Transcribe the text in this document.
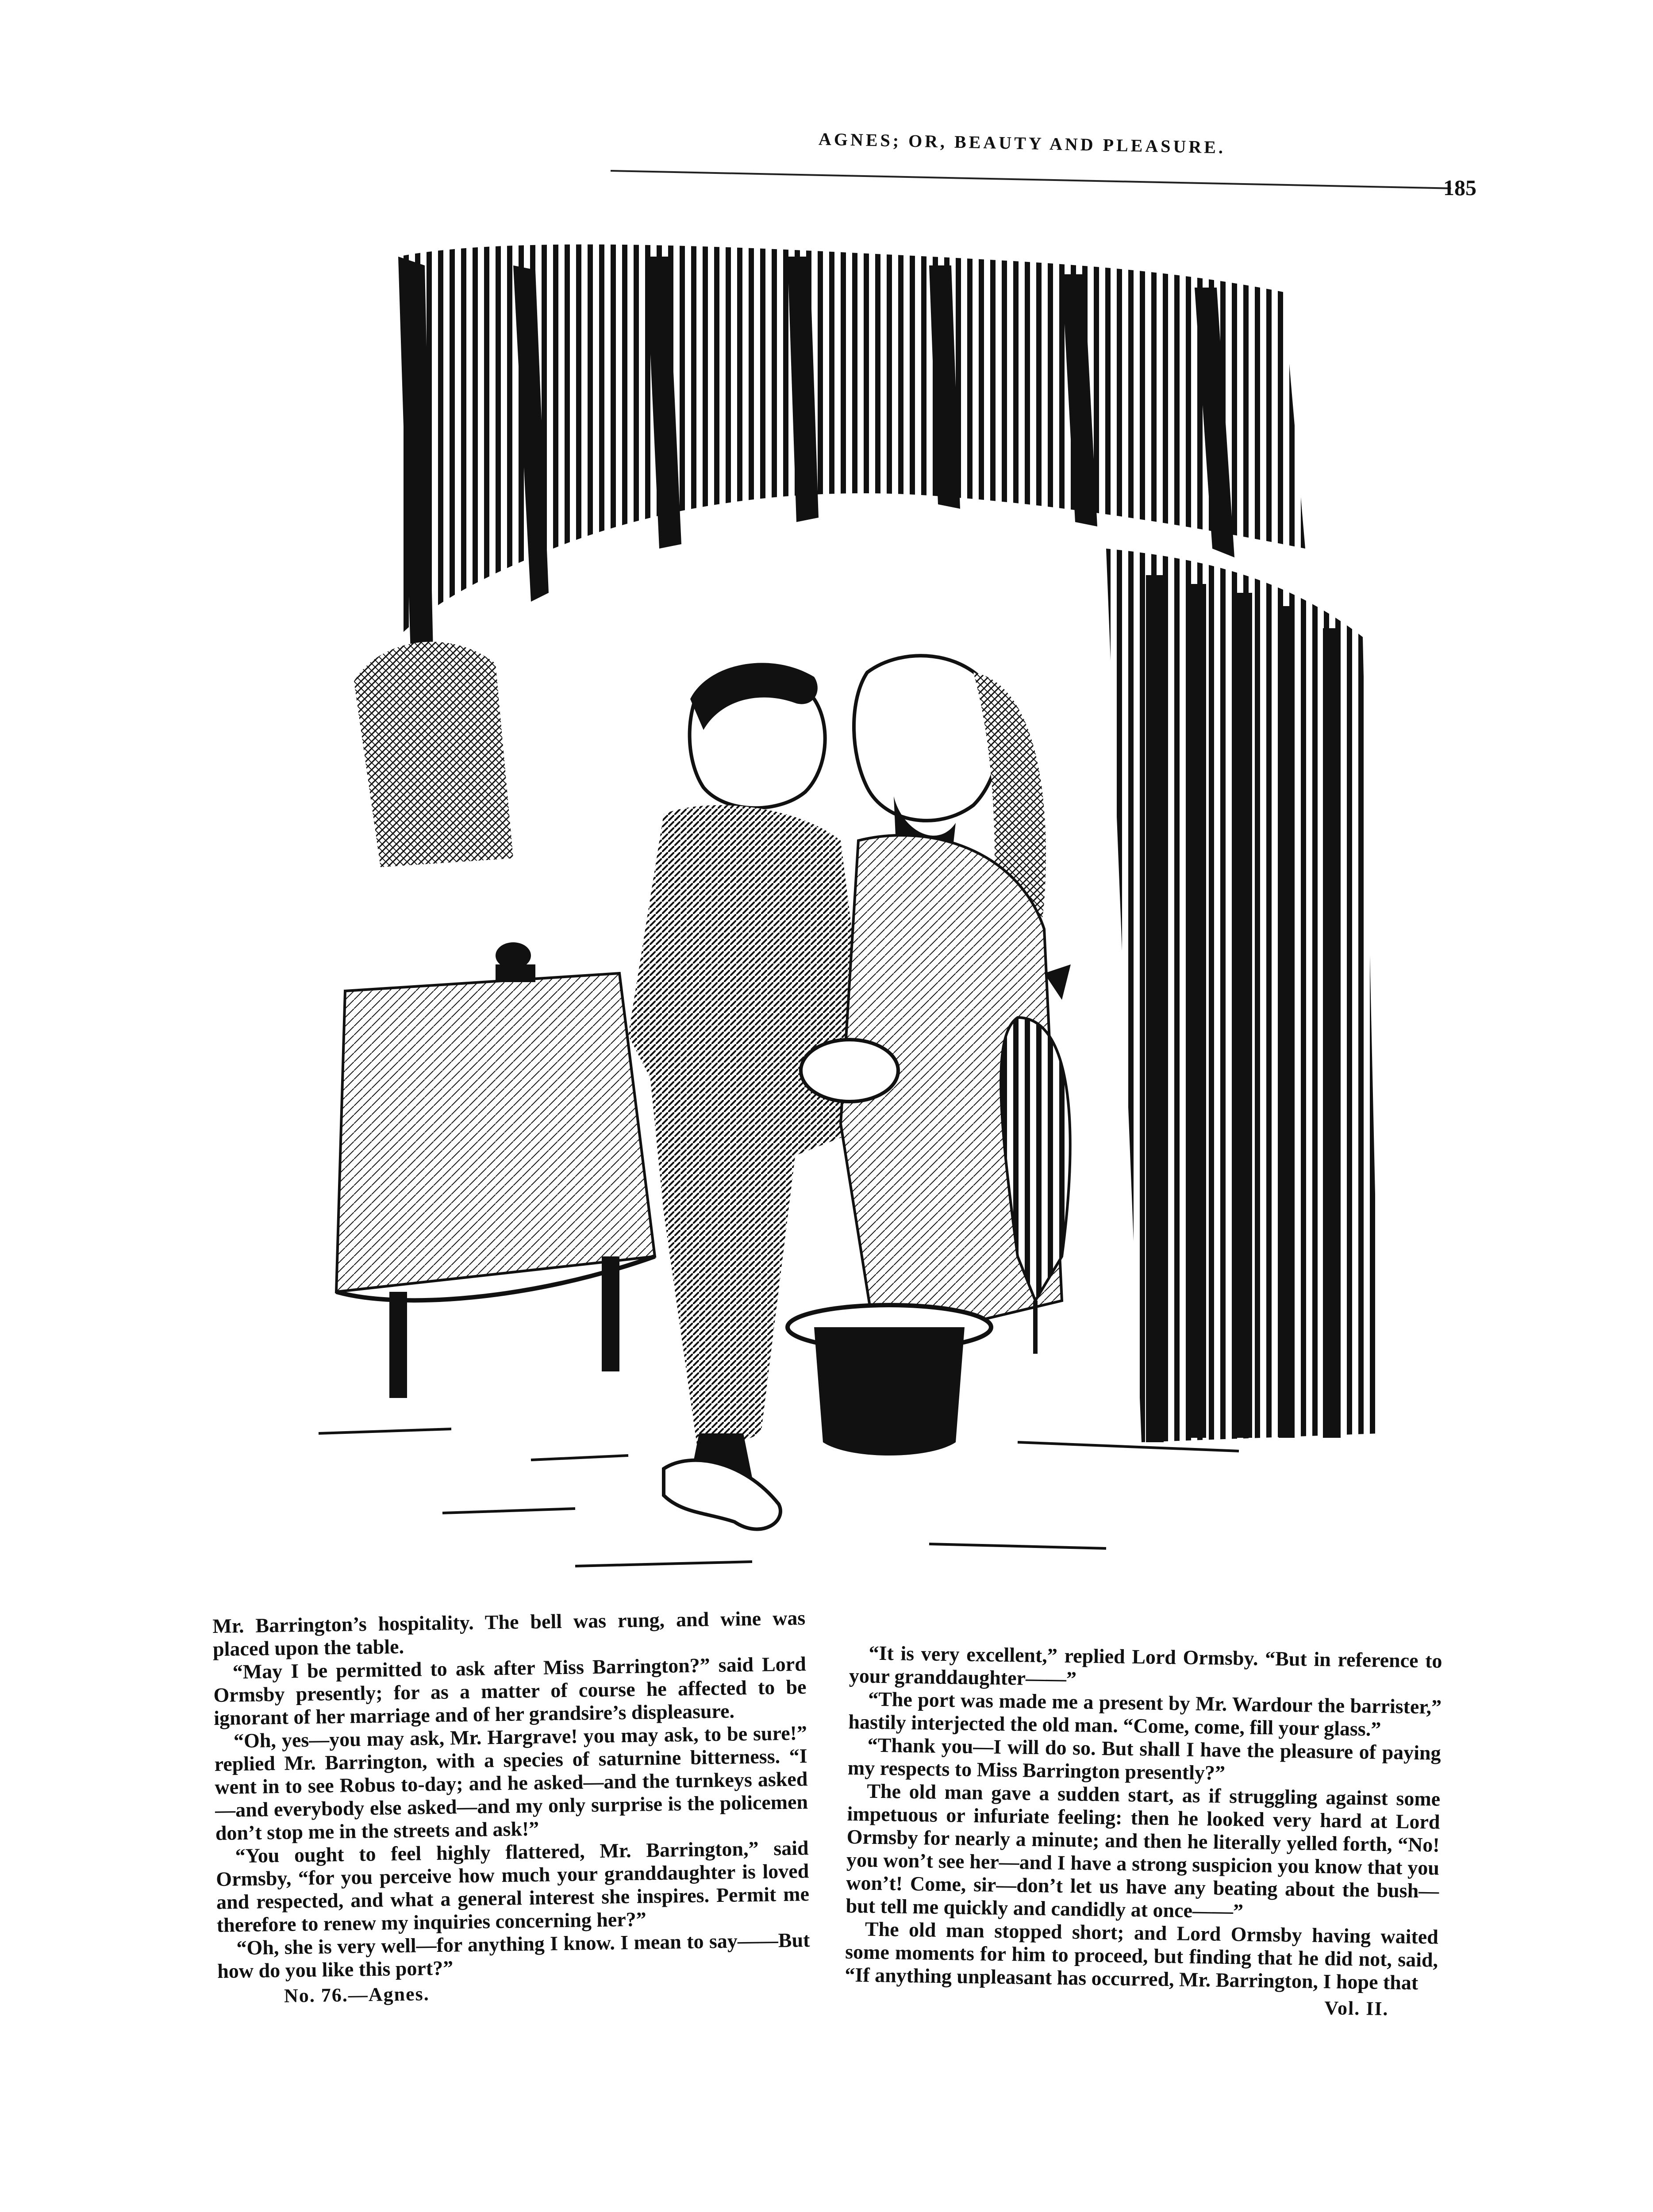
AGNES; OR, BEAUTY AND PLEASURE.
185

Mr. Barrington’s hospitality. The bell was rung, and wine was placed upon the table.

“May I be permitted to ask after Miss Barrington?” said Lord Ormsby presently; for as a matter of course he affected to be ignorant of her marriage and of her grandsire’s displeasure.

“Oh, yes—you may ask, Mr. Hargrave! you may ask, to be sure!” replied Mr. Barrington, with a species of saturnine bitterness. “I went in to see Robus to-day; and he asked—and the turnkeys asked—and everybody else asked—and my only surprise is the policemen don’t stop me in the streets and ask!”

“You ought to feel highly flattered, Mr. Barrington,” said Ormsby, “for you perceive how much your granddaughter is loved and respected, and what a general interest she inspires. Permit me therefore to renew my inquiries concerning her?”

“Oh, she is very well—for anything I know. I mean to say——But how do you like this port?”

No. 76.—Agnes.

“It is very excellent,” replied Lord Ormsby. “But in reference to your granddaughter——”

“The port was made me a present by Mr. Wardour the barrister,” hastily interjected the old man. “Come, come, fill your glass.”

“Thank you—I will do so. But shall I have the pleasure of paying my respects to Miss Barrington presently?”

The old man gave a sudden start, as if struggling against some impetuous or infuriate feeling: then he looked very hard at Lord Ormsby for nearly a minute; and then he literally yelled forth, “No! you won’t see her—and I have a strong suspicion you know that you won’t! Come, sir—don’t let us have any beating about the bush—but tell me quickly and candidly at once——”

The old man stopped short; and Lord Ormsby having waited some moments for him to proceed, but finding that he did not, said, “If anything unpleasant has occurred, Mr. Barrington, I hope that

Vol. II.
